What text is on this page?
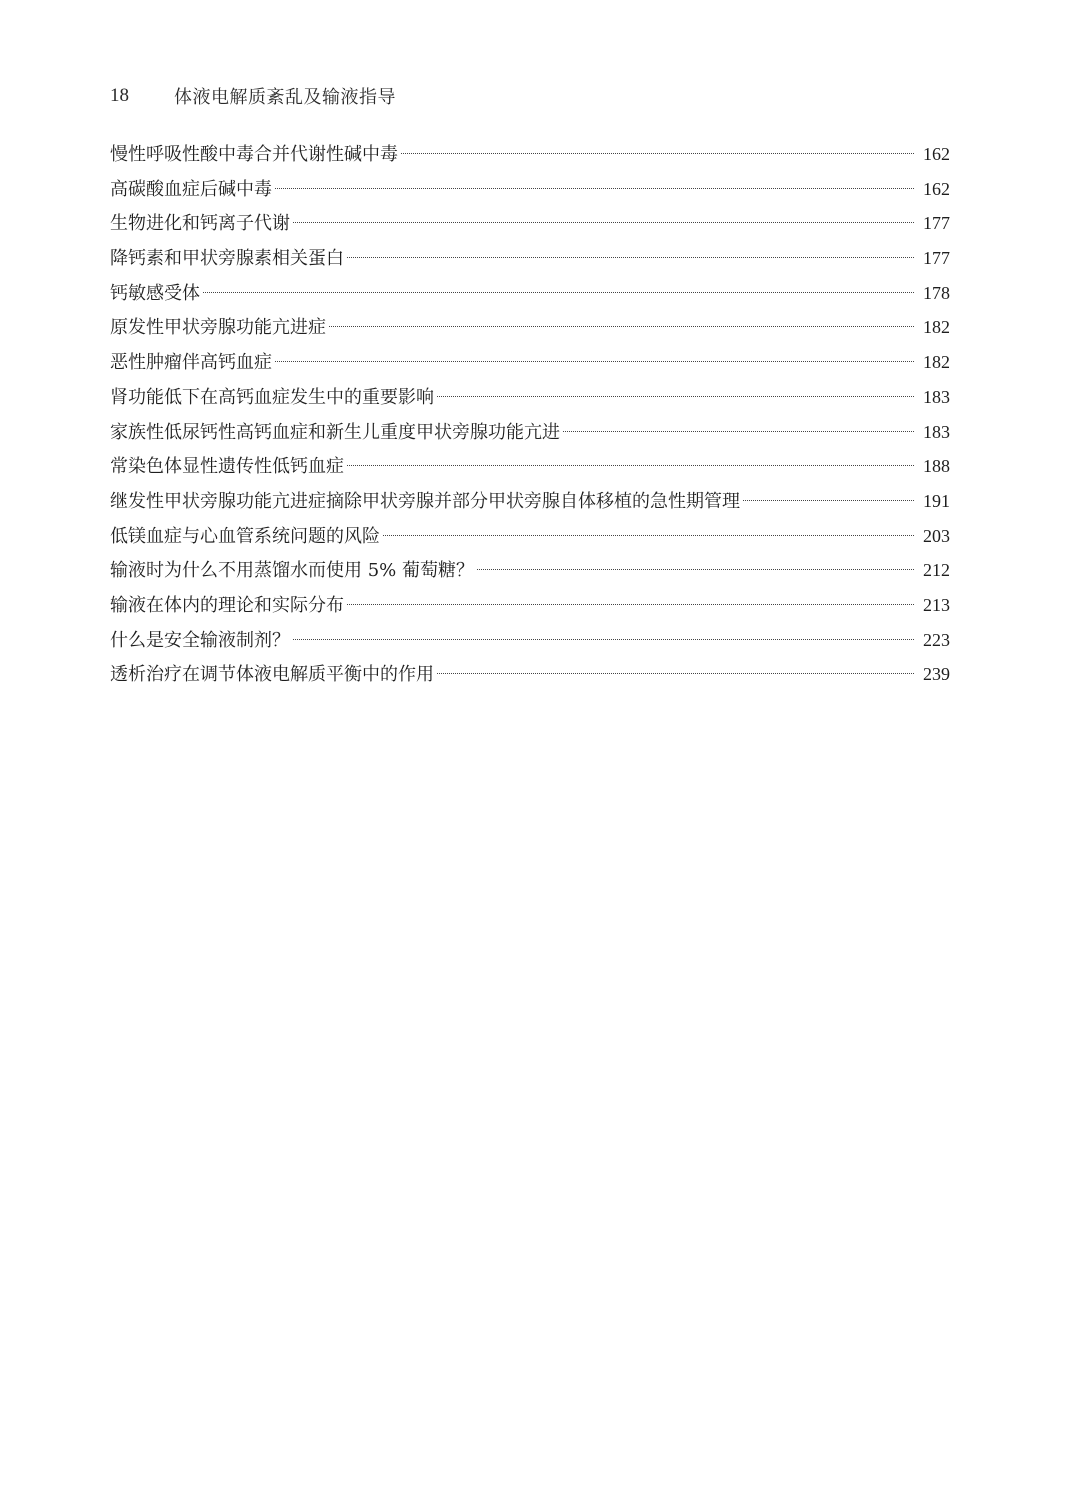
18	体液电解质紊乱及输液指导
慢性呼吸性酸中毒合并代谢性碱中毒	162
高碳酸血症后碱中毒	162
生物进化和钙离子代谢	177
降钙素和甲状旁腺素相关蛋白	177
钙敏感受体	178
原发性甲状旁腺功能亢进症	182
恶性肿瘤伴高钙血症	182
肾功能低下在高钙血症发生中的重要影响	183
家族性低尿钙性高钙血症和新生儿重度甲状旁腺功能亢进	183
常染色体显性遗传性低钙血症	188
继发性甲状旁腺功能亢进症摘除甲状旁腺并部分甲状旁腺自体移植的急性期管理	191
低镁血症与心血管系统问题的风险	203
输液时为什么不用蒸馏水而使用 5% 葡萄糖？	212
输液在体内的理论和实际分布	213
什么是安全输液制剂？	223
透析治疗在调节体液电解质平衡中的作用	239
